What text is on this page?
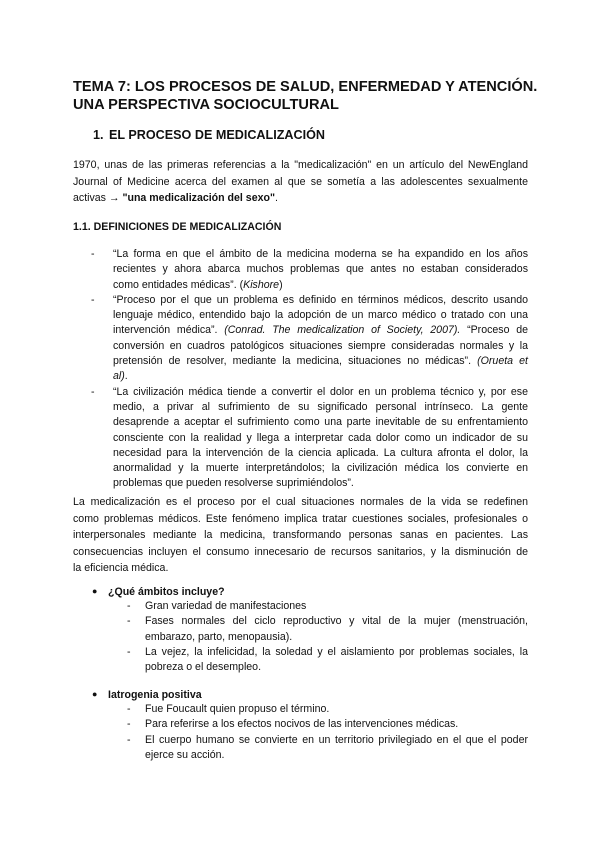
TEMA 7: LOS PROCESOS DE SALUD, ENFERMEDAD Y ATENCIÓN.
UNA PERSPECTIVA SOCIOCULTURAL
1. EL PROCESO DE MEDICALIZACIÓN

1970, unas de las primeras referencias a la "medicalización" en un artículo del NewEngland
Journal of Medicine acerca del examen al que se sometía a las adolescentes sexualmente
activas → "una medicalización del sexo".

1.1. DEFINICIONES DE MEDICALIZACIÓN
- “La forma en que el ámbito de la medicina moderna se ha expandido en los años
recientes y ahora abarca muchos problemas que antes no estaban considerados
como entidades médicas”. (Kishore)
- “Proceso por el que un problema es definido en términos médicos, descrito usando
lenguaje médico, entendido bajo la adopción de un marco médico o tratado con una
intervención médica”. (Conrad. The medicalization of Society, 2007). “Proceso de
conversión en cuadros patológicos situaciones siempre consideradas normales y la
pretensión de resolver, mediante la medicina, situaciones no médicas”. (Orueta et
al).
- “La civilización médica tiende a convertir el dolor en un problema técnico y, por ese
medio, a privar al sufrimiento de su significado personal intrínseco. La gente
desaprende a aceptar el sufrimiento como una parte inevitable de su enfrentamiento
consciente con la realidad y llega a interpretar cada dolor como un indicador de su
necesidad para la intervención de la ciencia aplicada. La cultura afronta el dolor, la
anormalidad y la muerte interpretándolos; la civilización médica los convierte en
problemas que pueden resolverse suprimiéndolos”.

La medicalización es el proceso por el cual situaciones normales de la vida se redefinen
como problemas médicos. Este fenómeno implica tratar cuestiones sociales, profesionales o
interpersonales mediante la medicina, transformando personas sanas en pacientes. Las
consecuencias incluyen el consumo innecesario de recursos sanitarios, y la disminución de
la eficiencia médica.

● ¿Qué ámbitos incluye?

- Gran variedad de manifestaciones
- Fases normales del ciclo reproductivo y vital de la mujer (menstruación,
embarazo, parto, menopausia).
- La vejez, la infelicidad, la soledad y el aislamiento por problemas sociales, la
pobreza o el desempleo.

● Iatrogenia positiva

- Fue Foucault quien propuso el término.
- Para referirse a los efectos nocivos de las intervenciones médicas.
- El cuerpo humano se convierte en un territorio privilegiado en el que el poder
ejerce su acción.
